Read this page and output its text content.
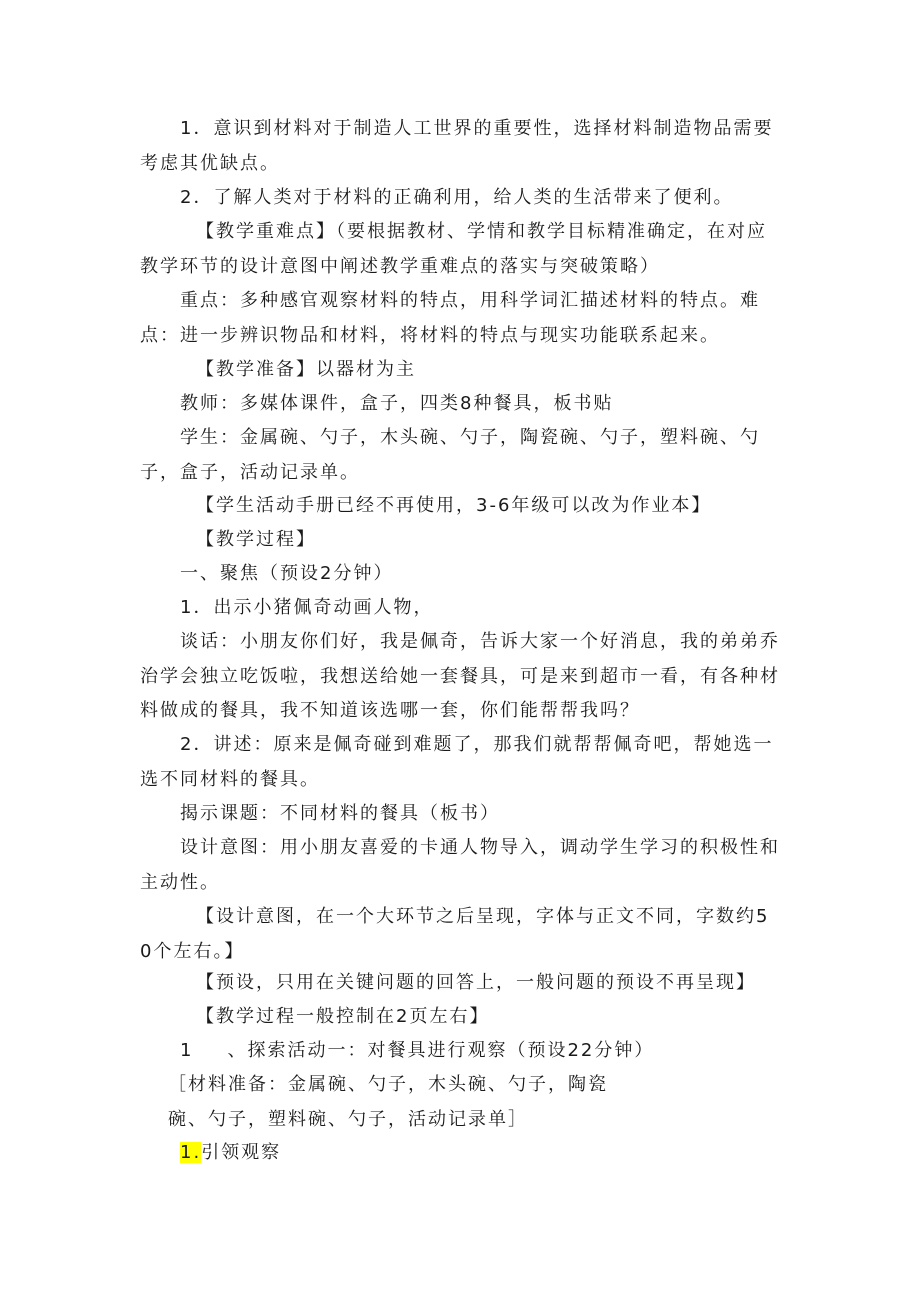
1．意识到材料对于制造人工世界的重要性，选择材料制造物品需要考虑其优缺点。

2．了解人类对于材料的正确利用，给人类的生活带来了便利。

【教学重难点】（要根据教材、学情和教学目标精准确定，在对应教学环节的设计意图中阐述教学重难点的落实与突破策略）

重点：多种感官观察材料的特点，用科学词汇描述材料的特点。难点：进一步辨识物品和材料，将材料的特点与现实功能联系起来。

【教学准备】以器材为主

教师：多媒体课件，盒子，四类8种餐具，板书贴

学生：金属碗、勺子，木头碗、勺子，陶瓷碗、勺子，塑料碗、勺子，盒子，活动记录单。

【学生活动手册已经不再使用，3-6年级可以改为作业本】

【教学过程】

一、聚焦（预设2分钟）

1．出示小猪佩奇动画人物，

谈话：小朋友你们好，我是佩奇，告诉大家一个好消息，我的弟弟乔治学会独立吃饭啦，我想送给她一套餐具，可是来到超市一看，有各种材料做成的餐具，我不知道该选哪一套，你们能帮帮我吗？

2．讲述：原来是佩奇碰到难题了，那我们就帮帮佩奇吧，帮她选一选不同材料的餐具。

揭示课题：不同材料的餐具（板书）

设计意图：用小朋友喜爱的卡通人物导入，调动学生学习的积极性和主动性。

【设计意图，在一个大环节之后呈现，字体与正文不同，字数约50个左右。】

【预设，只用在关键问题的回答上，一般问题的预设不再呈现】

【教学过程一般控制在2页左右】

1 、探索活动一：对餐具进行观察（预设22分钟）

［材料准备：金属碗、勺子，木头碗、勺子，陶瓷碗、勺子，塑料碗、勺子，活动记录单］

1.引领观察
